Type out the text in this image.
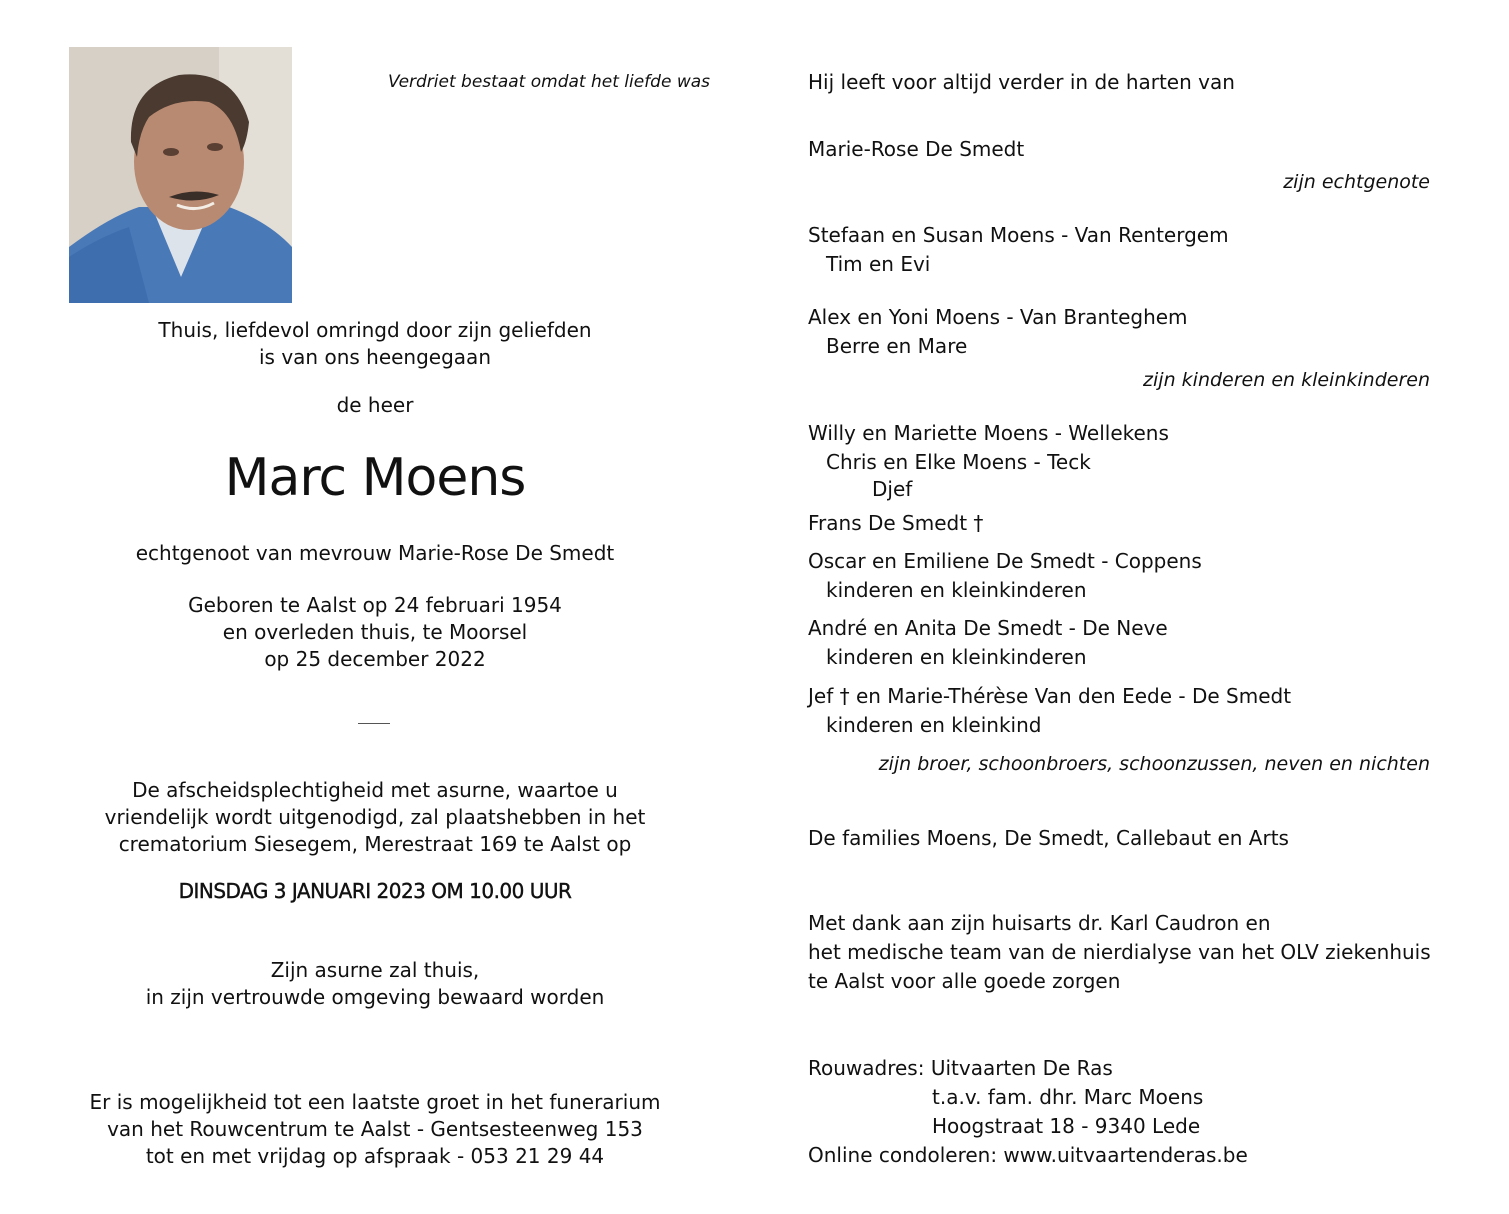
Verdriet bestaat omdat het liefde was
Thuis, liefdevol omringd door zijn geliefden
is van ons heengegaan
de heer
Marc Moens
echtgenoot van mevrouw Marie-Rose De Smedt
Geboren te Aalst op 24 februari 1954
en overleden thuis, te Moorsel
op 25 december 2022
De afscheidsplechtigheid met asurne, waartoe u
vriendelijk wordt uitgenodigd, zal plaatshebben in het
crematorium Siesegem, Merestraat 169 te Aalst op
DINSDAG 3 JANUARI 2023 OM 10.00 UUR
Zijn asurne zal thuis,
in zijn vertrouwde omgeving bewaard worden
Er is mogelijkheid tot een laatste groet in het funerarium
van het Rouwcentrum te Aalst - Gentsesteenweg 153
tot en met vrijdag op afspraak - 053 21 29 44
Hij leeft voor altijd verder in de harten van
Marie-Rose De Smedt
zijn echtgenote
Stefaan en Susan Moens - Van Rentergem
Tim en Evi
Alex en Yoni Moens - Van Branteghem
Berre en Mare
zijn kinderen en kleinkinderen
Willy en Mariette Moens - Wellekens
Chris en Elke Moens - Teck
Djef
Frans De Smedt †
Oscar en Emiliene De Smedt - Coppens
kinderen en kleinkinderen
André en Anita De Smedt - De Neve
kinderen en kleinkinderen
Jef † en Marie-Thérèse Van den Eede - De Smedt
kinderen en kleinkind
zijn broer, schoonbroers, schoonzussen, neven en nichten
De families Moens, De Smedt, Callebaut en Arts
Met dank aan zijn huisarts dr. Karl Caudron en
het medische team van de nierdialyse van het OLV ziekenhuis
te Aalst voor alle goede zorgen
Rouwadres: Uitvaarten De Ras
t.a.v. fam. dhr. Marc Moens
Hoogstraat 18 - 9340 Lede
Online condoleren: www.uitvaartenderas.be
